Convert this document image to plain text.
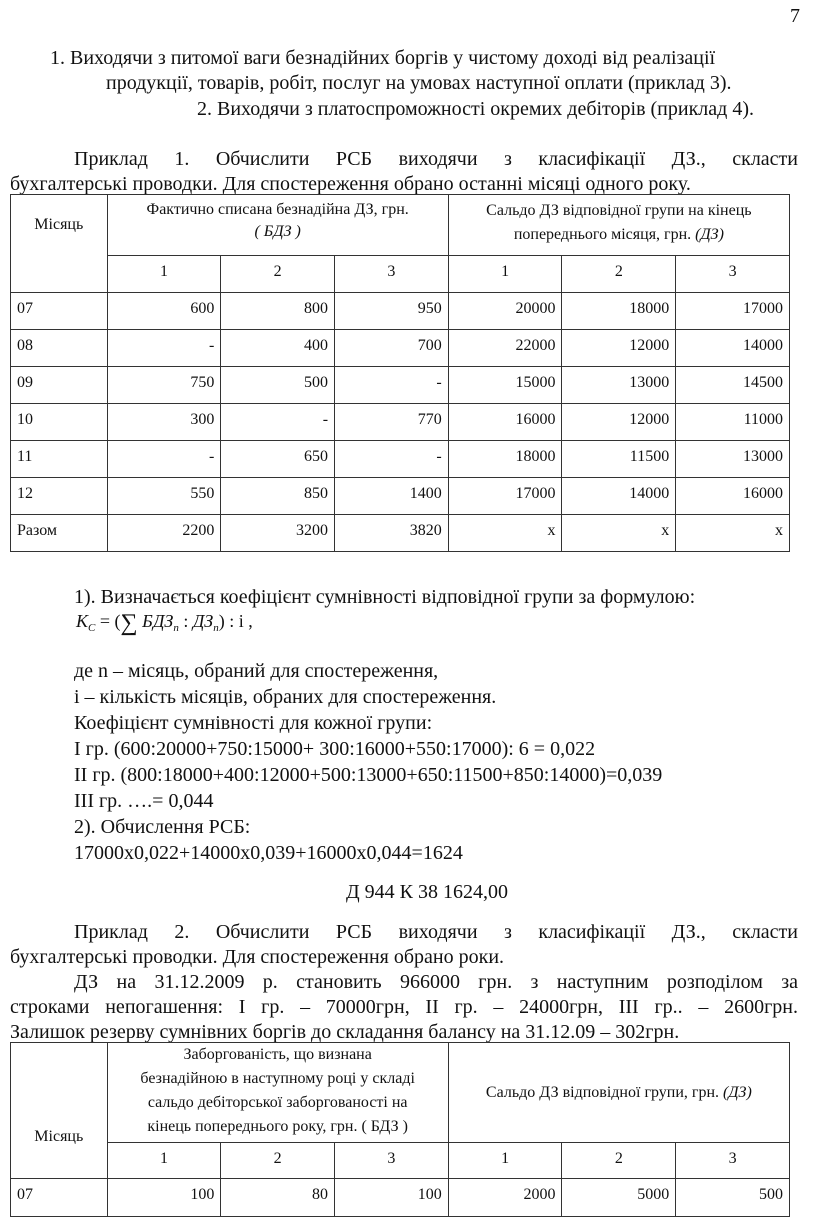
7
1. Виходячи з питомої ваги безнадійних боргів у чистому доході від реалізації
продукції, товарів, робіт, послуг на умовах наступної оплати (приклад 3).
2. Виходячи з платоспроможності окремих дебіторів (приклад 4).
Приклад 1. Обчислити РСБ виходячи з класифікації ДЗ., скласти
бухгалтерські проводки. Для спостереження обрано останні місяці одного року.
Місяць	
Фактично списана безнадійна ДЗ, грн.
( БДЗ )

Сальдо ДЗ відповідної групи на кінець
попереднього місяця, грн. (ДЗ)

	1	2	3	1	2	3
07	600	800	950	20000	18000	17000
08	-	400	700	22000	12000	14000
09	750	500	-	15000	13000	14500
10	300	-	770	16000	12000	11000
11	-	650	-	18000	11500	13000
12	550	850	1400	17000	14000	16000
Разом	2200	3200	3820	x	x	x
1). Визначається коефіцієнт сумнівності відповідної групи за формулою:
$K_C$ = (∑ $БДЗ_n$ : $ДЗ_n$) : i ,
де n – місяць, обраний для спостереження,
і – кількість місяців, обраних для спостереження.
Коефіцієнт сумнівності для кожної групи:
І гр. (600:20000+750:15000+ 300:16000+550:17000): 6 = 0,022
ІІ гр. (800:18000+400:12000+500:13000+650:11500+850:14000)=0,039
ІІІ гр. ….= 0,044
2). Обчислення РСБ:
17000х0,022+14000х0,039+16000х0,044=1624
Д 944 К 38 1624,00
Приклад 2. Обчислити РСБ виходячи з класифікації ДЗ., скласти
бухгалтерські проводки. Для спостереження обрано роки.
ДЗ на 31.12.2009 р. становить 966000 грн. з наступним розподілом за
строками непогашення: І гр. – 70000грн, ІІ гр. – 24000грн, ІІІ гр.. – 2600грн.
Залишок резерву сумнівних боргів до складання балансу на 31.12.09 – 302грн.
Місяць	Заборгованість, що визнана
безнадійною в наступному році у складі
сальдо дебіторської заборгованості на
кінець попереднього року, грн. ( БДЗ )			Сальдо ДЗ відповідної групи, грн. (ДЗ)		
	1	2	3	1	2	3
07	100	80	100	2000	5000	500
